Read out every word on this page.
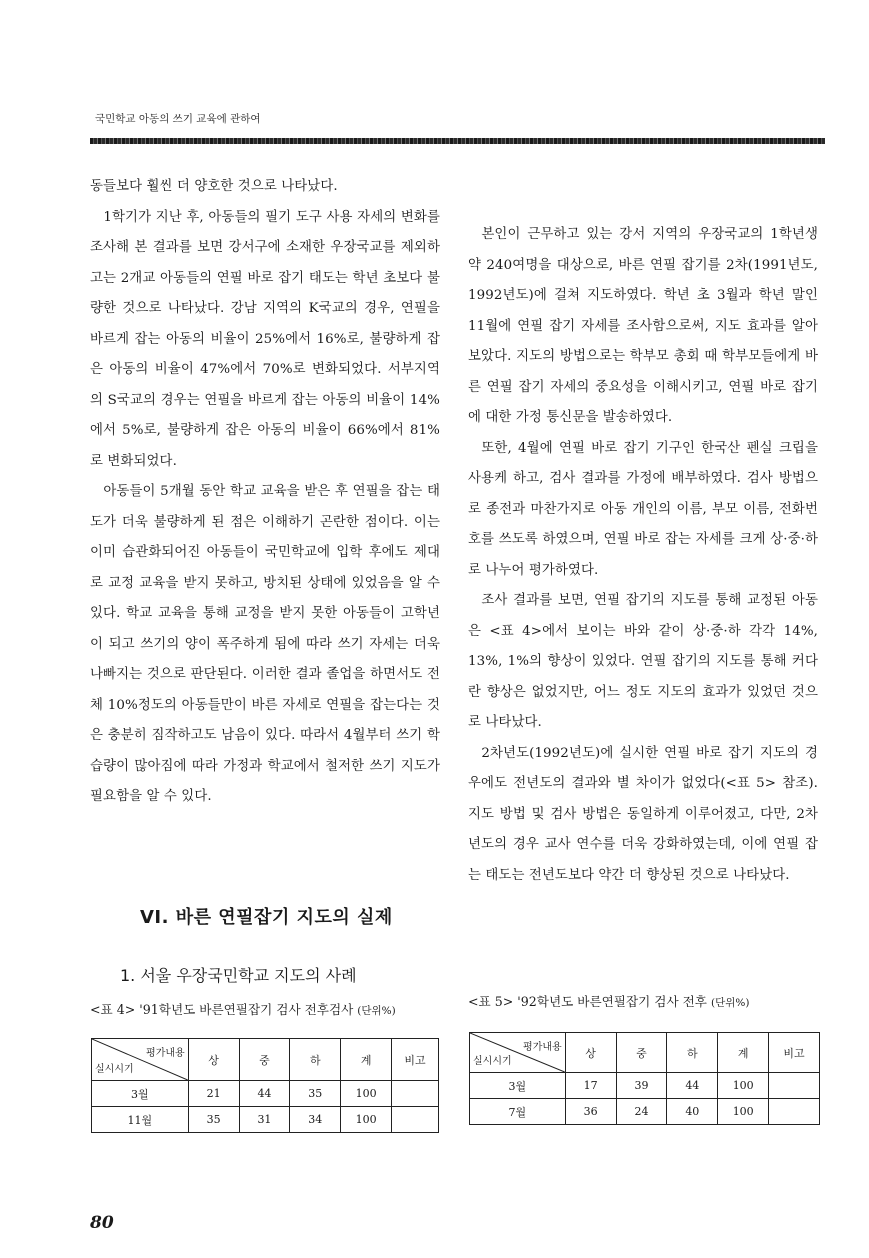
국민학교 아동의 쓰기 교육에 관하여

동들보다 훨씬 더 양호한 것으로 나타났다.

1학기가 지난 후, 아동들의 필기 도구 사용 자세의 변화를 조사해 본 결과를 보면 강서구에 소재한 우장국교를 제외하고는 2개교 아동들의 연필 바로 잡기 태도는 학년 초보다 불량한 것으로 나타났다. 강남 지역의 K국교의 경우, 연필을 바르게 잡는 아동의 비율이 25%에서 16%로, 불량하게 잡은 아동의 비율이 47%에서 70%로 변화되었다. 서부지역의 S국교의 경우는 연필을 바르게 잡는 아동의 비율이 14%에서 5%로, 불량하게 잡은 아동의 비율이 66%에서 81%로 변화되었다.

아동들이 5개월 동안 학교 교육을 받은 후 연필을 잡는 태도가 더욱 불량하게 된 점은 이해하기 곤란한 점이다. 이는 이미 습관화되어진 아동들이 국민학교에 입학 후에도 제대로 교정 교육을 받지 못하고, 방치된 상태에 있었음을 알 수 있다. 학교 교육을 통해 교정을 받지 못한 아동들이 고학년이 되고 쓰기의 양이 폭주하게 됨에 따라 쓰기 자세는 더욱 나빠지는 것으로 판단된다. 이러한 결과 졸업을 하면서도 전체 10%정도의 아동들만이 바른 자세로 연필을 잡는다는 것은 충분히 짐작하고도 남음이 있다. 따라서 4월부터 쓰기 학습량이 많아짐에 따라 가정과 학교에서 철저한 쓰기 지도가 필요함을 알 수 있다.

VI. 바른 연필잡기 지도의 실제
1. 서울 우장국민학교 지도의 사례

본인이 근무하고 있는 강서 지역의 우장국교의 1학년생 약 240여명을 대상으로, 바른 연필 잡기를 2차(1991년도, 1992년도)에 걸쳐 지도하였다. 학년 초 3월과 학년 말인 11월에 연필 잡기 자세를 조사함으로써, 지도 효과를 알아보았다. 지도의 방법으로는 학부모 총회 때 학부모들에게 바른 연필 잡기 자세의 중요성을 이해시키고, 연필 바로 잡기에 대한 가정 통신문을 발송하였다.

또한, 4월에 연필 바로 잡기 기구인 한국산 펜실 크립을 사용케 하고, 검사 결과를 가정에 배부하였다. 검사 방법으로 종전과 마찬가지로 아동 개인의 이름, 부모 이름, 전화번호를 쓰도록 하였으며, 연필 바로 잡는 자세를 크게 상·중·하로 나누어 평가하였다.

조사 결과를 보면, 연필 잡기의 지도를 통해 교정된 아동은 <표 4>에서 보이는 바와 같이 상·중·하 각각 14%, 13%, 1%의 향상이 있었다. 연필 잡기의 지도를 통해 커다란 향상은 없었지만, 어느 정도 지도의 효과가 있었던 것으로 나타났다.

2차년도(1992년도)에 실시한 연필 바로 잡기 지도의 경우에도 전년도의 결과와 별 차이가 없었다(<표 5> 참조). 지도 방법 및 검사 방법은 동일하게 이루어졌고, 다만, 2차년도의 경우 교사 연수를 더욱 강화하였는데, 이에 연필 잡는 태도는 전년도보다 약간 더 향상된 것으로 나타났다.

<표 4> '91학년도 바른연필잡기 검사 전후검사 (단위%)
평가내용
실시시기	상	중	하	계	비고
3월	21	44	35	100	
11월	35	31	34	100	
<표 5> '92학년도 바른연필잡기 검사 전후 (단위%)
평가내용
실시시기	상	중	하	계	비고
3월	17	39	44	100	
7월	36	24	40	100	
80
